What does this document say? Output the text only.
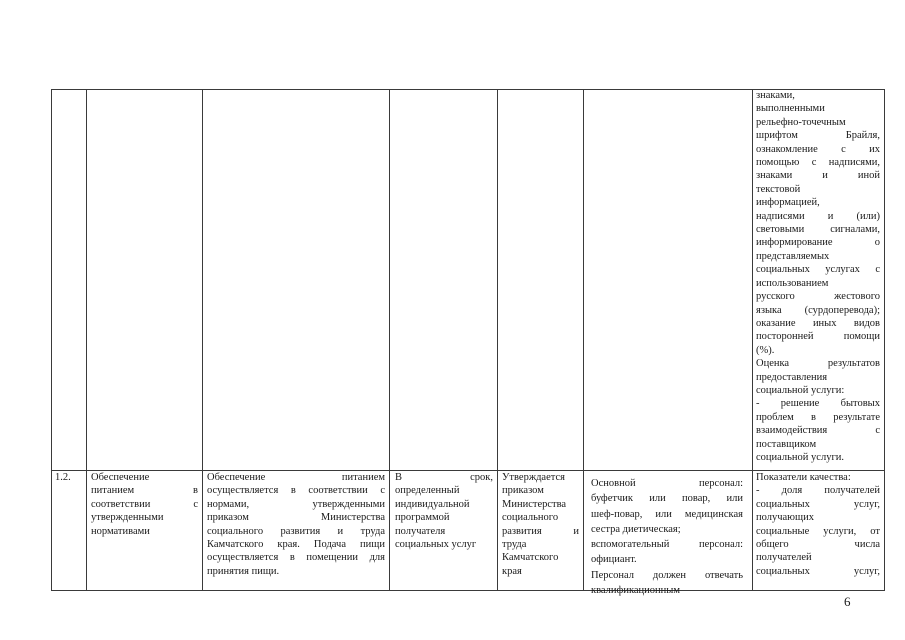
знаками,
выполненными
рельефно-точечным
шрифтом Брайля,
ознакомление с их
помощью с надписями,
знаками и иной
текстовой
информацией,
надписями и (или)
световыми сигналами,
информирование о
представляемых
социальных услугах с
использованием
русского жестового
языка (сурдоперевода);
оказание иных видов
посторонней помощи
(%).
Оценка результатов
предоставления
социальной услуги:
- решение бытовых
проблем в результате
взаимодействия с
поставщиком
социальной услуги.
1.2.	Обеспечение
питанием в
соответствии с
утвержденными
нормативами
Обеспечение питанием
осуществляется в соответствии с
нормами, утвержденными
приказом Министерства
социального развития и труда
Камчатского края. Подача пищи
осуществляется в помещении для
принятия пищи.
В срок,
определенный
индивидуальной
программой
получателя
социальных услуг
Утверждается
приказом
Министерства
социального
развития и
труда
Камчатского
края
Основной персонал:
буфетчик или повар, или
шеф-повар, или медицинская
сестра диетическая;
вспомогательный персонал:
официант.
Персонал должен отвечать
квалификационным
Показатели качества:
- доля получателей
социальных услуг,
получающих
социальные услуги, от
общего числа
получателей
социальных услуг,
6
